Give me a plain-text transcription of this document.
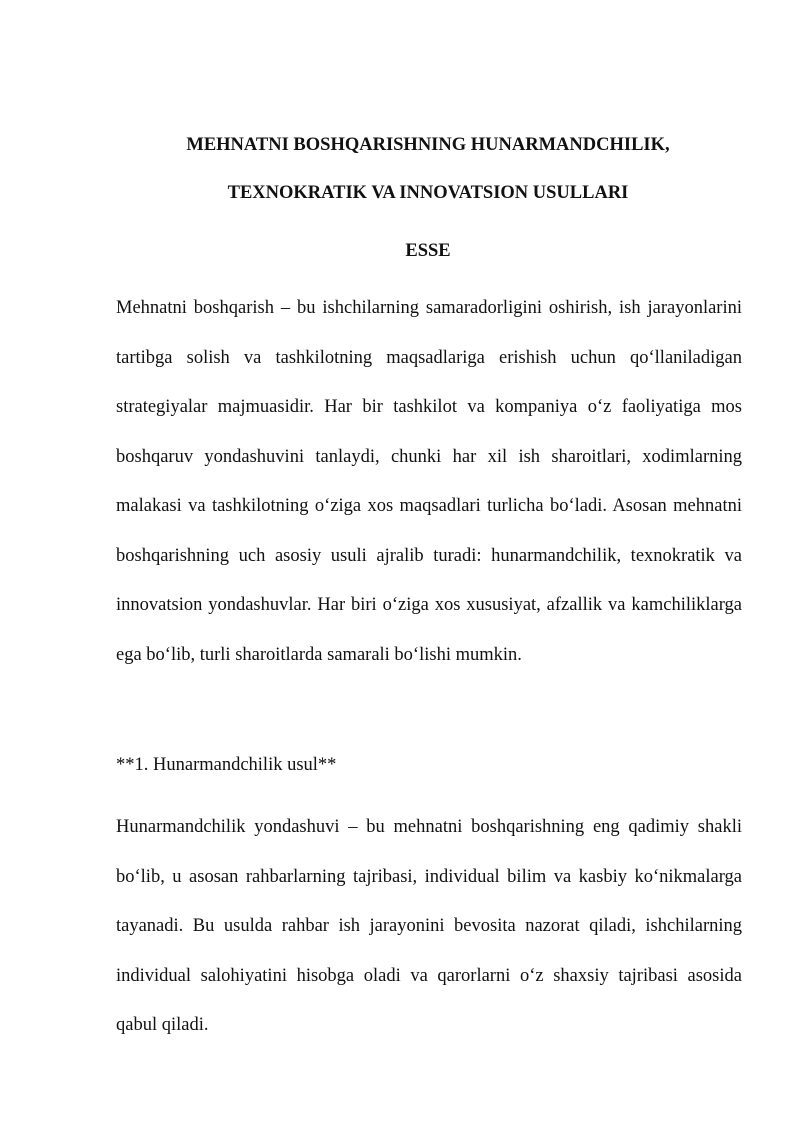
MEHNATNI BOSHQARISHNING HUNARMANDCHILIK,
TEXNOKRATIK VA INNOVATSION USULLARI
ESSE

Mehnatni boshqarish – bu ishchilarning samaradorligini oshirish, ish jarayonlarini tartibga solish va tashkilotning maqsadlariga erishish uchun qo‘llaniladigan strategiyalar majmuasidir. Har bir tashkilot va kompaniya o‘z faoliyatiga mos boshqaruv yondashuvini tanlaydi, chunki har xil ish sharoitlari, xodimlarning malakasi va tashkilotning o‘ziga xos maqsadlari turlicha bo‘ladi. Asosan mehnatni boshqarishning uch asosiy usuli ajralib turadi: hunarmandchilik, texnokratik va innovatsion yondashuvlar. Har biri o‘ziga xos xususiyat, afzallik va kamchiliklarga ega bo‘lib, turli sharoitlarda samarali bo‘lishi mumkin.

**1. Hunarmandchilik usul**

Hunarmandchilik yondashuvi – bu mehnatni boshqarishning eng qadimiy shakli bo‘lib, u asosan rahbarlarning tajribasi, individual bilim va kasbiy ko‘nikmalarga tayanadi. Bu usulda rahbar ish jarayonini bevosita nazorat qiladi, ishchilarning individual salohiyatini hisobga oladi va qarorlarni o‘z shaxsiy tajribasi asosida qabul qiladi.
